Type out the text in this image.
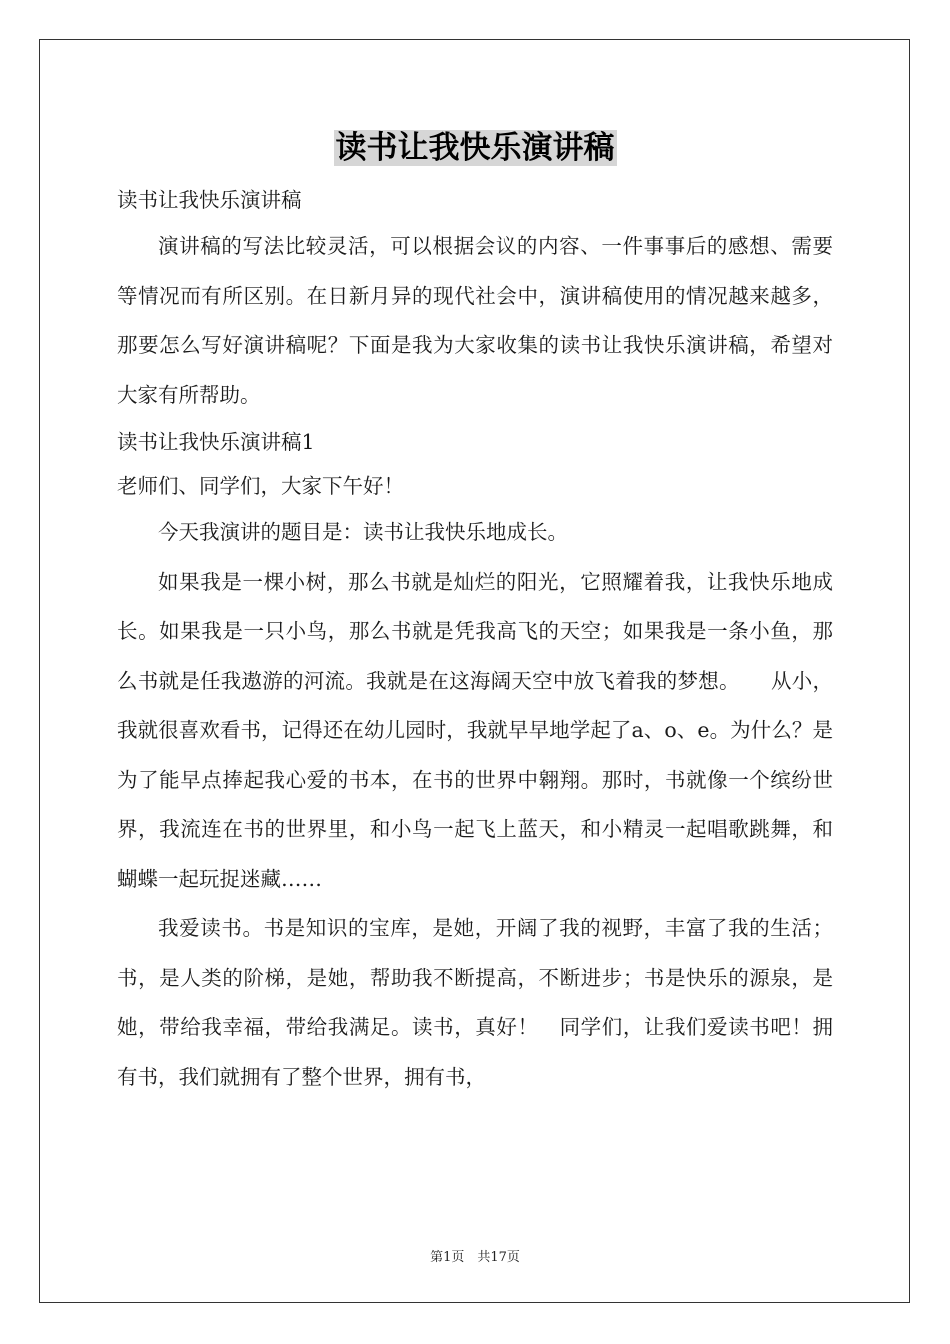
读书让我快乐演讲稿

读书让我快乐演讲稿

演讲稿的写法比较灵活，可以根据会议的内容、一件事事后的感想、需要等情况而有所区别。在日新月异的现代社会中，演讲稿使用的情况越来越多，那要怎么写好演讲稿呢？下面是我为大家收集的读书让我快乐演讲稿，希望对大家有所帮助。

读书让我快乐演讲稿1

老师们、同学们，大家下午好！

今天我演讲的题目是：读书让我快乐地成长。

如果我是一棵小树，那么书就是灿烂的阳光，它照耀着我，让我快乐地成长。如果我是一只小鸟，那么书就是凭我高飞的天空；如果我是一条小鱼，那么书就是任我遨游的河流。我就是在这海阔天空中放飞着我的梦想。　　从小，我就很喜欢看书，记得还在幼儿园时，我就早早地学起了a、o、e。为什么？是为了能早点捧起我心爱的书本，在书的世界中翱翔。那时，书就像一个缤纷世界，我流连在书的世界里，和小鸟一起飞上蓝天，和小精灵一起唱歌跳舞，和蝴蝶一起玩捉迷藏……

我爱读书。书是知识的宝库，是她，开阔了我的视野，丰富了我的生活；书，是人类的阶梯，是她，帮助我不断提高，不断进步；书是快乐的源泉，是她，带给我幸福，带给我满足。读书，真好！　同学们，让我们爱读书吧！拥有书，我们就拥有了整个世界，拥有书，

第1页　共17页
